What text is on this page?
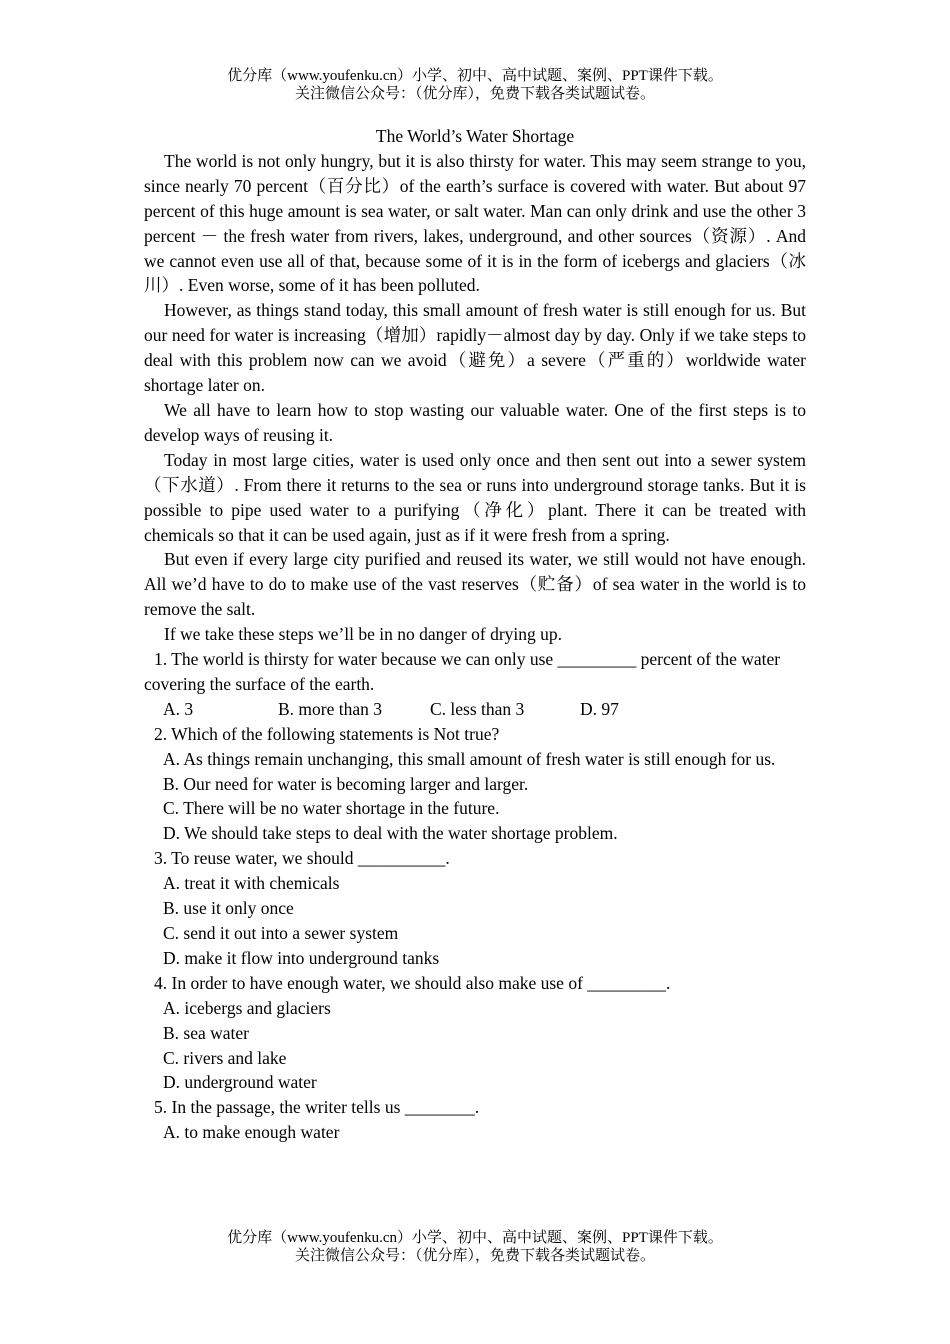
优分库（www.youfenku.cn）小学、初中、高中试题、案例、PPT课件下载。
关注微信公众号：（优分库），免费下载各类试题试卷。
The World’s Water Shortage
The world is not only hungry, but it is also thirsty for water. This may seem strange to you, since nearly 70 percent（百分比）of the earth’s surface is covered with water. But about 97 percent of this huge amount is sea water, or salt water. Man can only drink and use the other 3 percent － the fresh water from rivers, lakes, underground, and other sources（资源）. And we cannot even use all of that, because some of it is in the form of icebergs and glaciers（冰川）. Even worse, some of it has been polluted.
However, as things stand today, this small amount of fresh water is still enough for us. But our need for water is increasing（增加）rapidly－almost day by day. Only if we take steps to deal with this problem now can we avoid（避免）a severe（严重的）worldwide water shortage later on.
We all have to learn how to stop wasting our valuable water. One of the first steps is to develop ways of reusing it.
Today in most large cities, water is used only once and then sent out into a sewer system（下水道）. From there it returns to the sea or runs into underground storage tanks. But it is possible to pipe used water to a purifying（净化）plant. There it can be treated with chemicals so that it can be used again, just as if it were fresh from a spring.
But even if every large city purified and reused its water, we still would not have enough. All we’d have to do to make use of the vast reserves（贮备）of sea water in the world is to remove the salt.
If we take these steps we’ll be in no danger of drying up.
1. The world is thirsty for water because we can only use _________ percent of the water covering the surface of the earth.
A. 3	B. more than 3	C. less than 3	D. 97
2. Which of the following statements is Not true?
A. As things remain unchanging, this small amount of fresh water is still enough for us.
B. Our need for water is becoming larger and larger.
C. There will be no water shortage in the future.
D. We should take steps to deal with the water shortage problem.
3. To reuse water, we should __________.
A. treat it with chemicals
B. use it only once
C. send it out into a sewer system
D. make it flow into underground tanks
4. In order to have enough water, we should also make use of _________.
A. icebergs and glaciers
B. sea water
C. rivers and lake
D. underground water
5. In the passage, the writer tells us ________.
A. to make enough water
优分库（www.youfenku.cn）小学、初中、高中试题、案例、PPT课件下载。
关注微信公众号：（优分库），免费下载各类试题试卷。
